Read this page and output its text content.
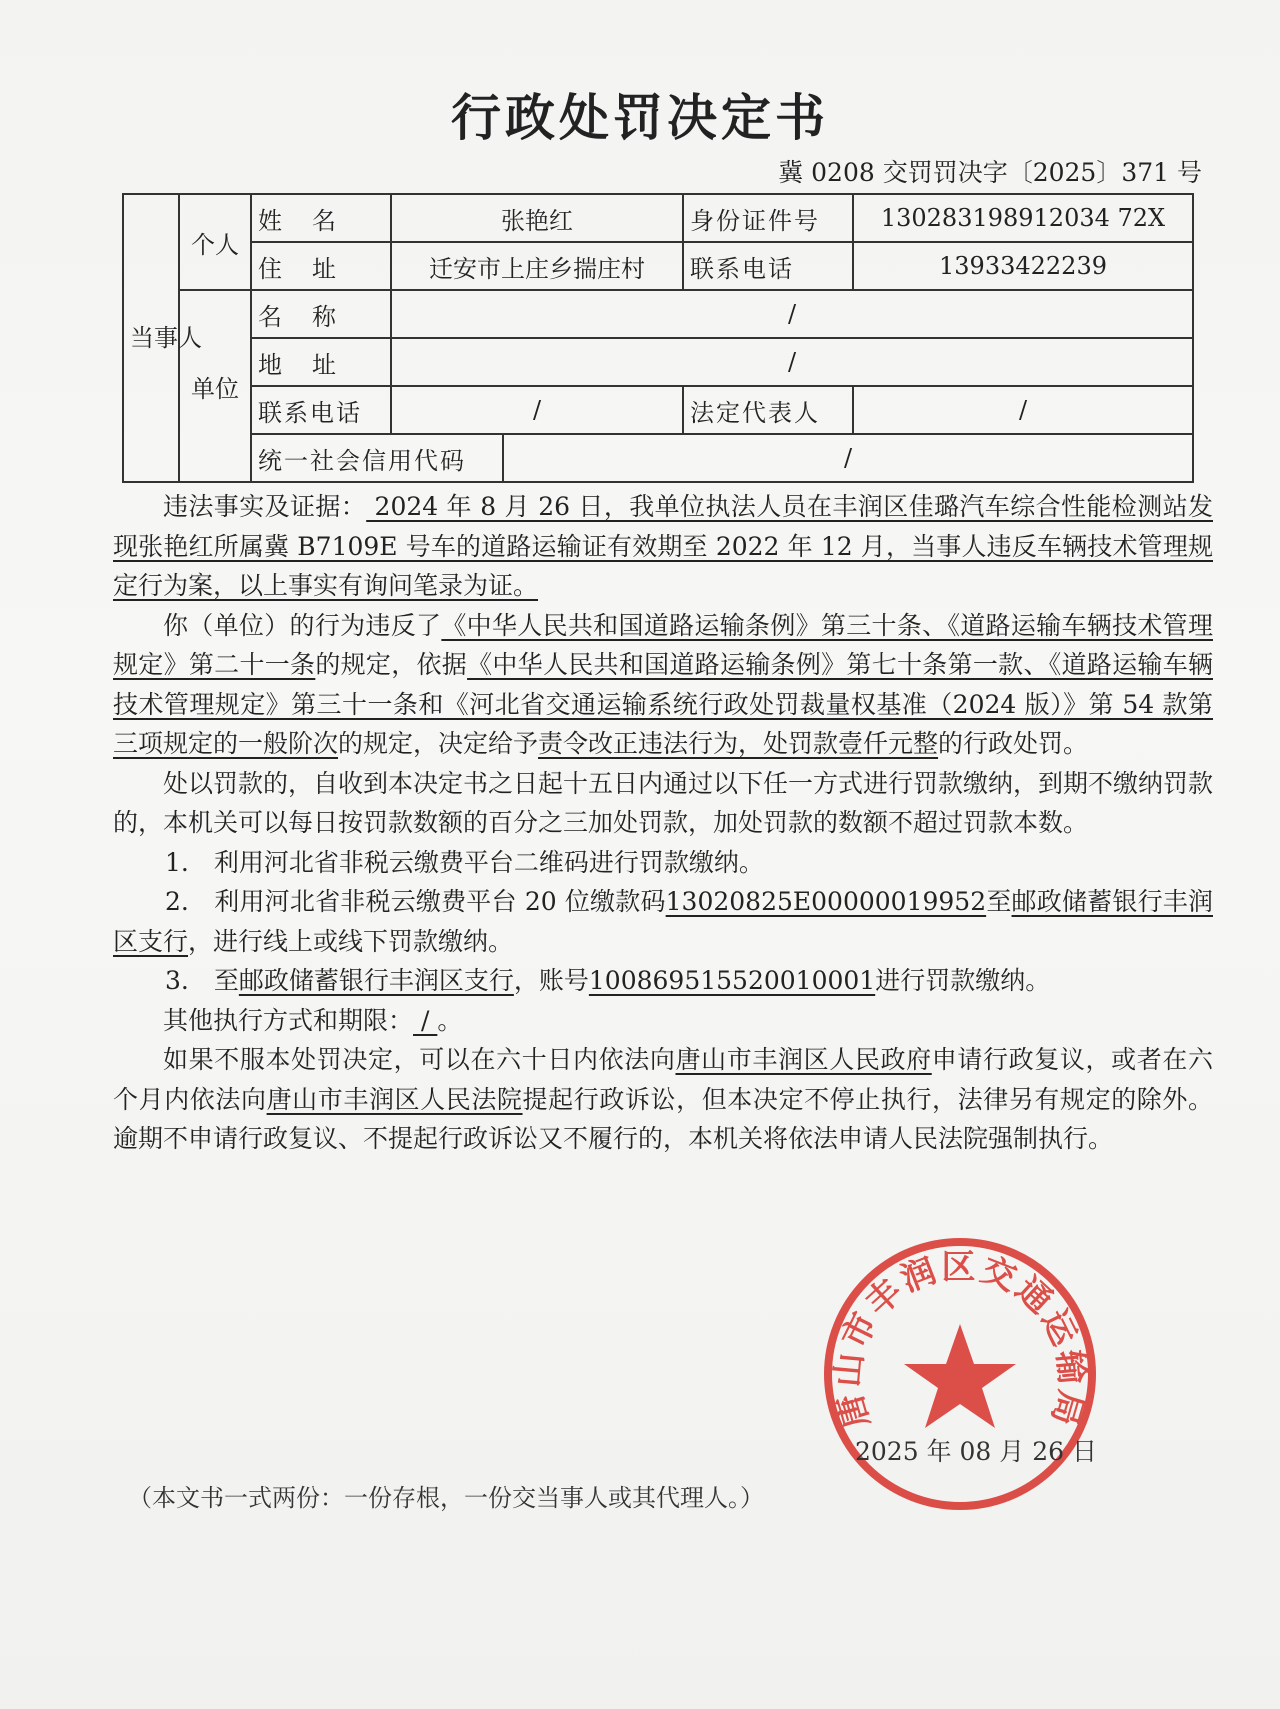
行政处罚决定书
冀 0208 交罚罚决字〔2025〕371 号
当事人	个人	姓名	张艳红		身份证件号	130283198912034 72X
		住址	迁安市上庄乡揣庄村		联系电话	13933422239
	单位	名称	/			
		地址	/			
		联系电话	/		法定代表人	/
		统一社会信用代码		/		

违法事实及证据： 2024 年 8 月 26 日，我单位执法人员在丰润区佳璐汽车综合性能检测站发现张艳红所属冀 B7109E 号车的道路运输证有效期至 2022 年 12 月，当事人违反车辆技术管理规定行为案，以上事实有询问笔录为证。

你（单位）的行为违反了《中华人民共和国道路运输条例》第三十条、《道路运输车辆技术管理规定》第二十一条的规定，依据《中华人民共和国道路运输条例》第七十条第一款、《道路运输车辆技术管理规定》第三十一条和《河北省交通运输系统行政处罚裁量权基准（2024 版）》第 54 款第三项规定的一般阶次的规定，决定给予责令改正违法行为，处罚款壹仟元整的行政处罚。

处以罚款的，自收到本决定书之日起十五日内通过以下任一方式进行罚款缴纳，到期不缴纳罚款的，本机关可以每日按罚款数额的百分之三加处罚款，加处罚款的数额不超过罚款本数。

1.　利用河北省非税云缴费平台二维码进行罚款缴纳。

2.　利用河北省非税云缴费平台 20 位缴款码13020825E00000019952至邮政储蓄银行丰润区支行，进行线上或线下罚款缴纳。

3.　至邮政储蓄银行丰润区支行，账号100869515520010001进行罚款缴纳。

其他执行方式和期限： / 。

如果不服本处罚决定，可以在六十日内依法向唐山市丰润区人民政府申请行政复议，或者在六个月内依法向唐山市丰润区人民法院提起行政诉讼，但本决定不停止执行，法律另有规定的除外。逾期不申请行政复议、不提起行政诉讼又不履行的，本机关将依法申请人民法院强制执行。

唐山市丰润区交通运输局
2025 年 08 月 26 日
（本文书一式两份：一份存根，一份交当事人或其代理人。）
